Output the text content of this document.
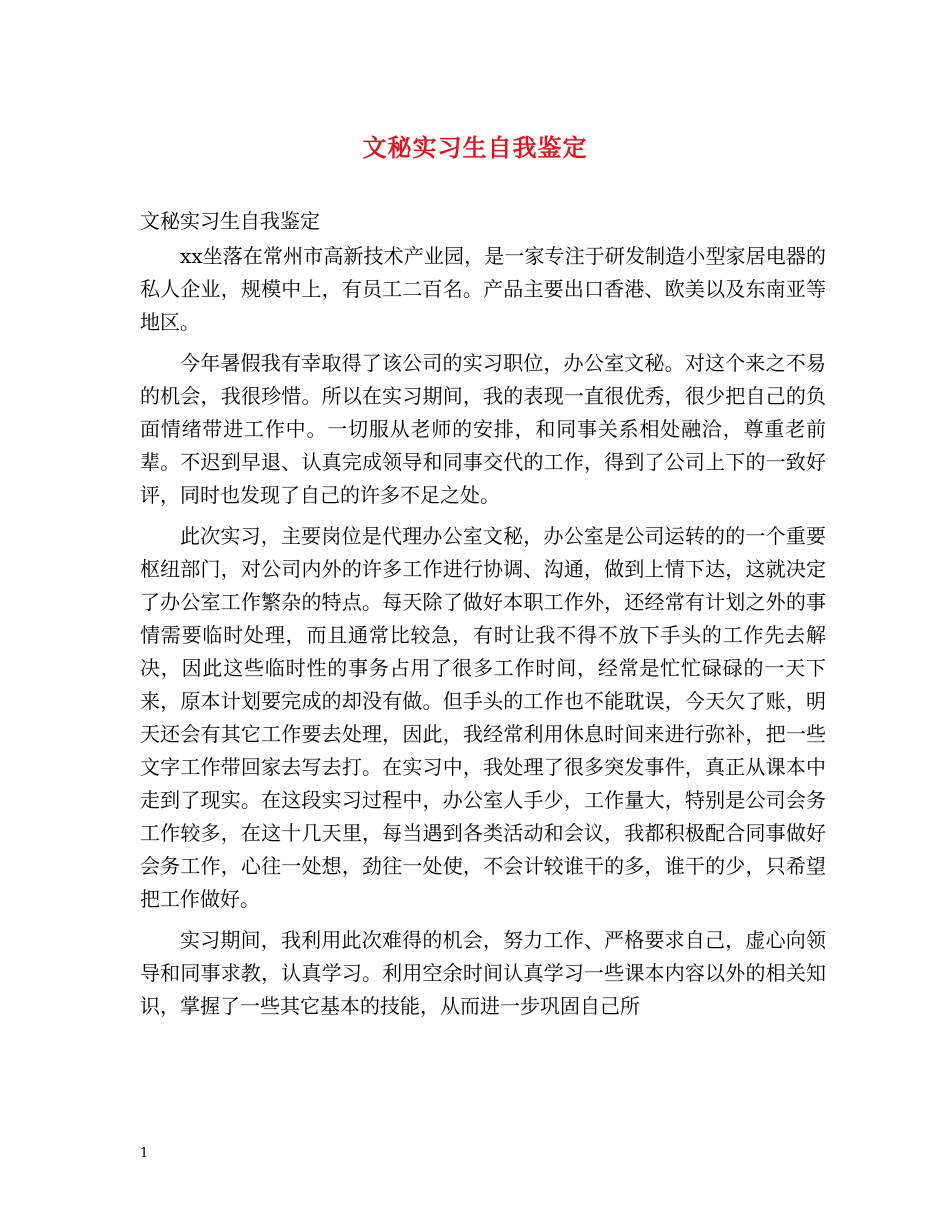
文秘实习生自我鉴定
文秘实习生自我鉴定

xx坐落在常州市高新技术产业园，是一家专注于研发制造小型家居电器的私人企业，规模中上，有员工二百名。产品主要出口香港、欧美以及东南亚等地区。

今年暑假我有幸取得了该公司的实习职位，办公室文秘。对这个来之不易的机会，我很珍惜。所以在实习期间，我的表现一直很优秀，很少把自己的负面情绪带进工作中。一切服从老师的安排，和同事关系相处融洽，尊重老前辈。不迟到早退、认真完成领导和同事交代的工作，得到了公司上下的一致好评，同时也发现了自己的许多不足之处。

此次实习，主要岗位是代理办公室文秘，办公室是公司运转的的一个重要枢纽部门，对公司内外的许多工作进行协调、沟通，做到上情下达，这就决定了办公室工作繁杂的特点。每天除了做好本职工作外，还经常有计划之外的事情需要临时处理，而且通常比较急，有时让我不得不放下手头的工作先去解决，因此这些临时性的事务占用了很多工作时间，经常是忙忙碌碌的一天下来，原本计划要完成的却没有做。但手头的工作也不能耽误，今天欠了账，明天还会有其它工作要去处理，因此，我经常利用休息时间来进行弥补，把一些文字工作带回家去写去打。在实习中，我处理了很多突发事件，真正从课本中走到了现实。在这段实习过程中，办公室人手少，工作量大，特别是公司会务工作较多，在这十几天里，每当遇到各类活动和会议，我都积极配合同事做好会务工作，心往一处想，劲往一处使，不会计较谁干的多，谁干的少，只希望把工作做好。

实习期间，我利用此次难得的机会，努力工作、严格要求自己，虚心向领导和同事求教，认真学习。利用空余时间认真学习一些课本内容以外的相关知识，掌握了一些其它基本的技能，从而进一步巩固自己所

1
